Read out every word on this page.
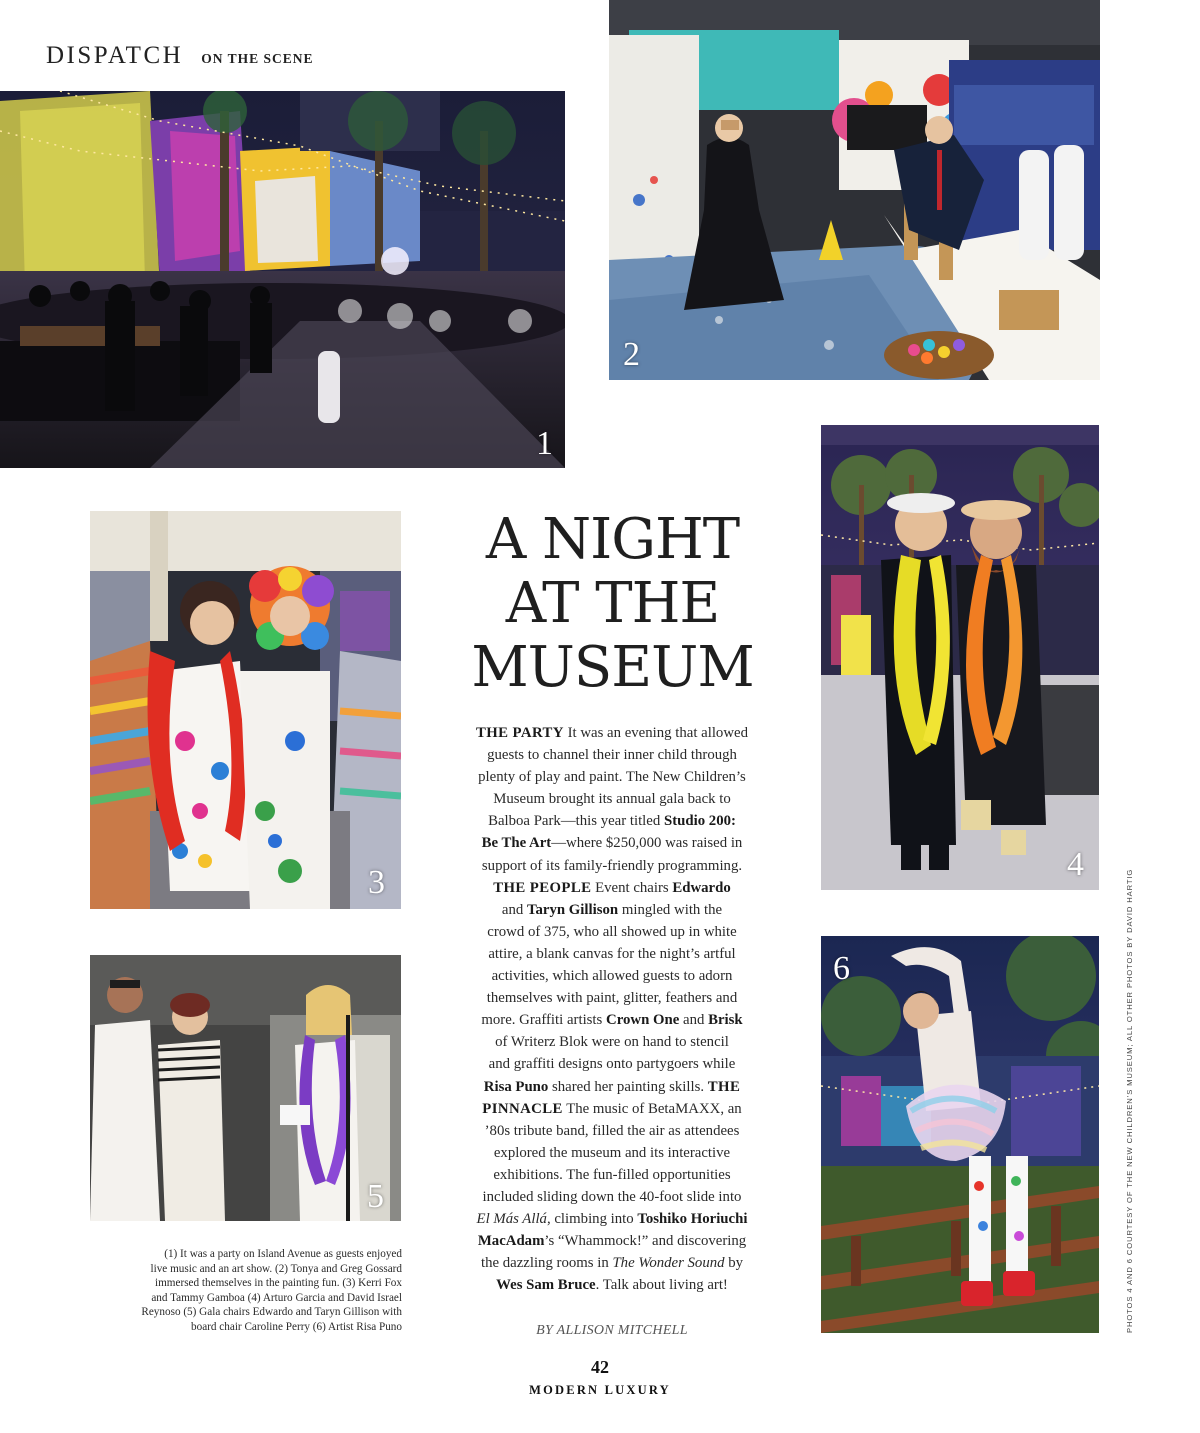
DISPATCH ON THE SCENE
1
2
A NIGHT
AT THE
MUSEUM
3	4
THE PARTY It was an evening that allowed
guests to channel their inner child through
plenty of play and paint. The New Children’s
Museum brought its annual gala back to
Balboa Park—this year titled Studio 200:
Be The Art—where $250,000 was raised in
support of its family-friendly programming.
THE PEOPLE Event chairs Edwardo
and Taryn Gillison mingled with the
crowd of 375, who all showed up in white
attire, a blank canvas for the night’s artful
activities, which allowed guests to adorn
themselves with paint, glitter, feathers and
more. Graffiti artists Crown One and Brisk
of Writerz Blok were on hand to stencil
and graffiti designs onto partygoers while
Risa Puno shared her painting skills. THE
PINNACLE The music of BetaMAXX, an
’80s tribute band, filled the air as attendees
explored the museum and its interactive
exhibitions. The fun-filled opportunities
included sliding down the 40-foot slide into
El Más Allá, climbing into Toshiko Horiuchi
MacAdam’s “Whammock!” and discovering
the dazzling rooms in The Wonder Sound by
Wes Sam Bruce. Talk about living art!
5
6
(1) It was a party on Island Avenue as guests enjoyed
live music and an art show. (2) Tonya and Greg Gossard
immersed themselves in the painting fun. (3) Kerri Fox
and Tammy Gamboa (4) Arturo Garcia and David Israel
Reynoso (5) Gala chairs Edwardo and Taryn Gillison with
board chair Caroline Perry (6) Artist Risa Puno	BY ALLISON MITCHELL
42
MODERN LUXURY
PHOTOS 4 AND 6 COURTESY OF THE NEW CHILDREN’S MUSEUM; ALL OTHER PHOTOS BY DAVID HARTIG
